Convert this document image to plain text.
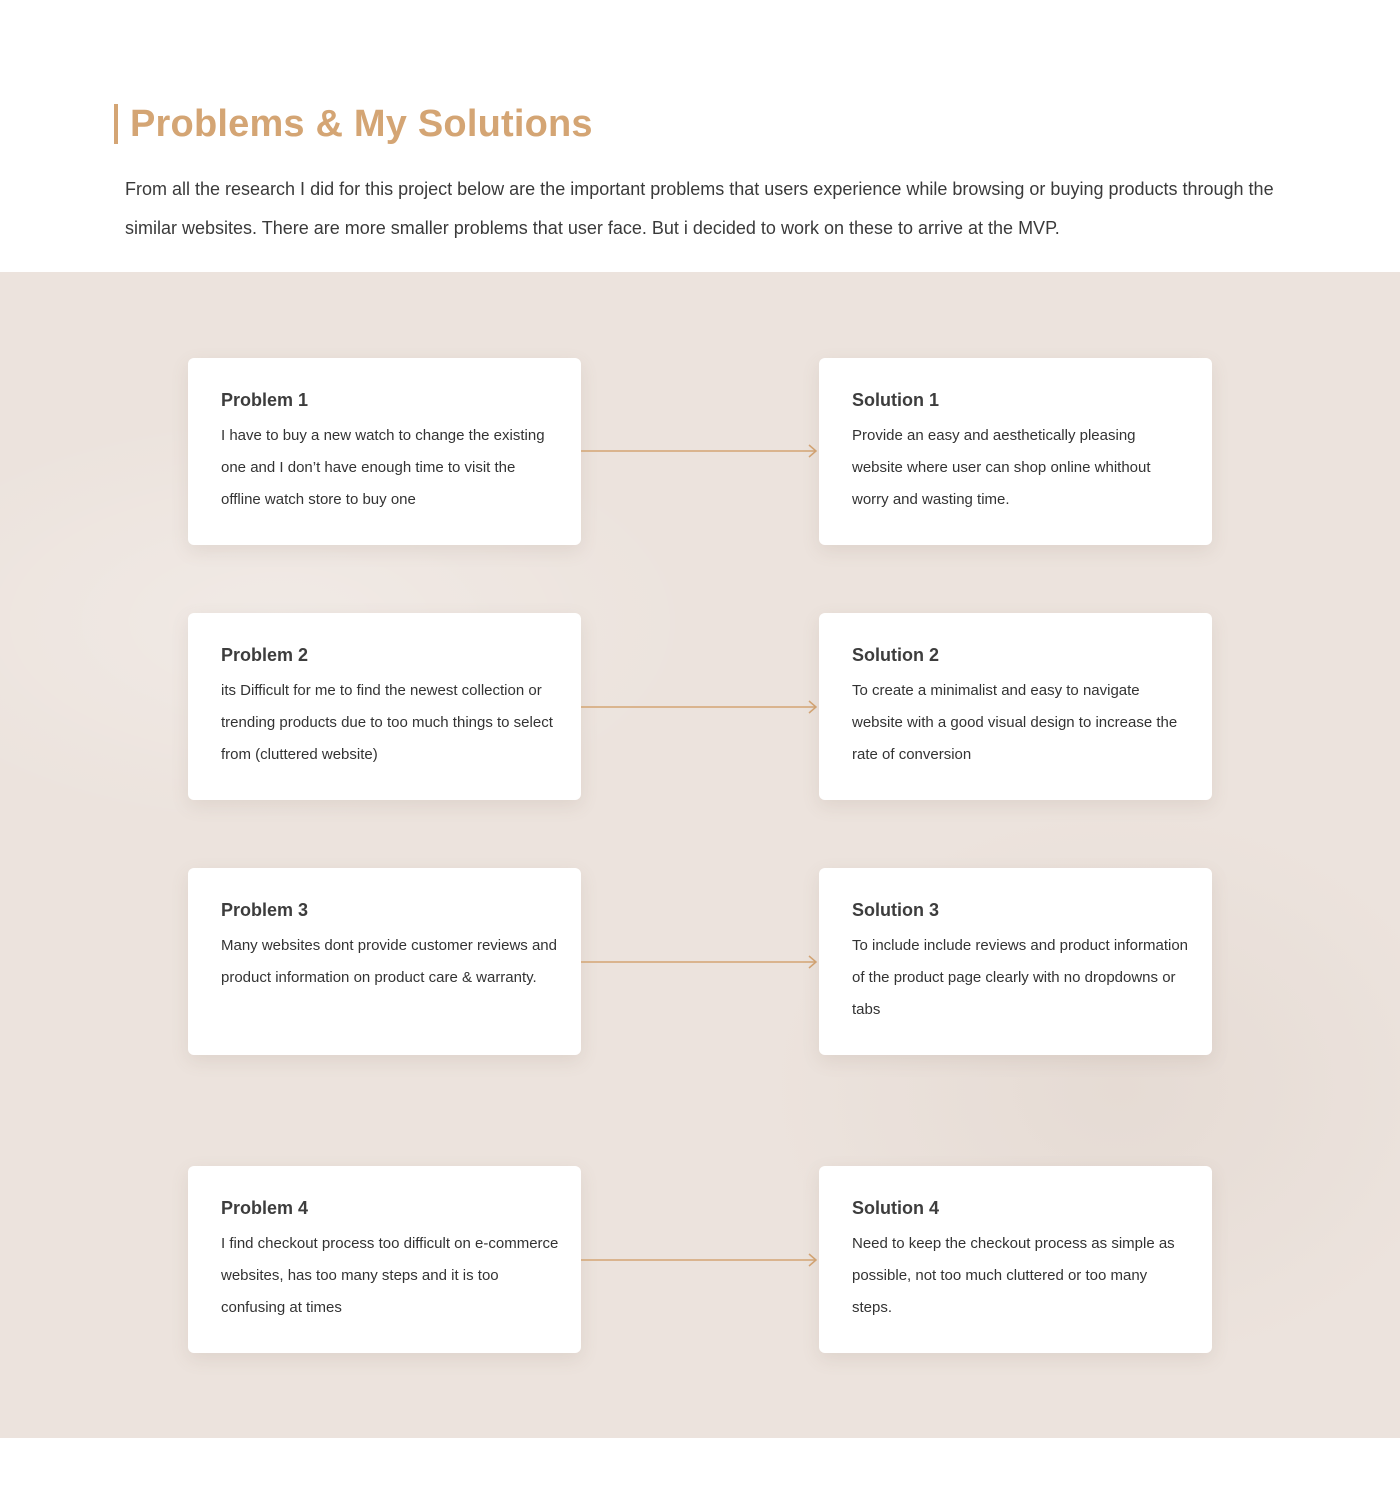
Problems & My Solutions

From all the research I did for this project below are the important problems that users experience while browsing or buying products through the similar websites. There are more smaller problems that user face. But i decided to work on these to arrive at the MVP.

Problem 1
I have to buy a new watch to change the existing one and I don’t have enough time to visit the offline watch store to buy one
Solution 1
Provide an easy and aesthetically pleasing website where user can shop online whithout worry and wasting time.
Problem 2
its Difficult for me to find the newest collection or trending products due to too much things to select from (cluttered website)
Solution 2
To create a minimalist and easy to navigate website with a good visual design to increase the rate of conversion
Problem 3
Many websites dont provide customer reviews and product information on product care & warranty.
Solution 3
To include include reviews and product information of the product page clearly with no dropdowns or tabs
Problem 4
I find checkout process too difficult on e-commerce websites, has too many steps and it is too confusing at times
Solution 4
Need to keep the checkout process as simple as possible, not too much cluttered or too many steps.
